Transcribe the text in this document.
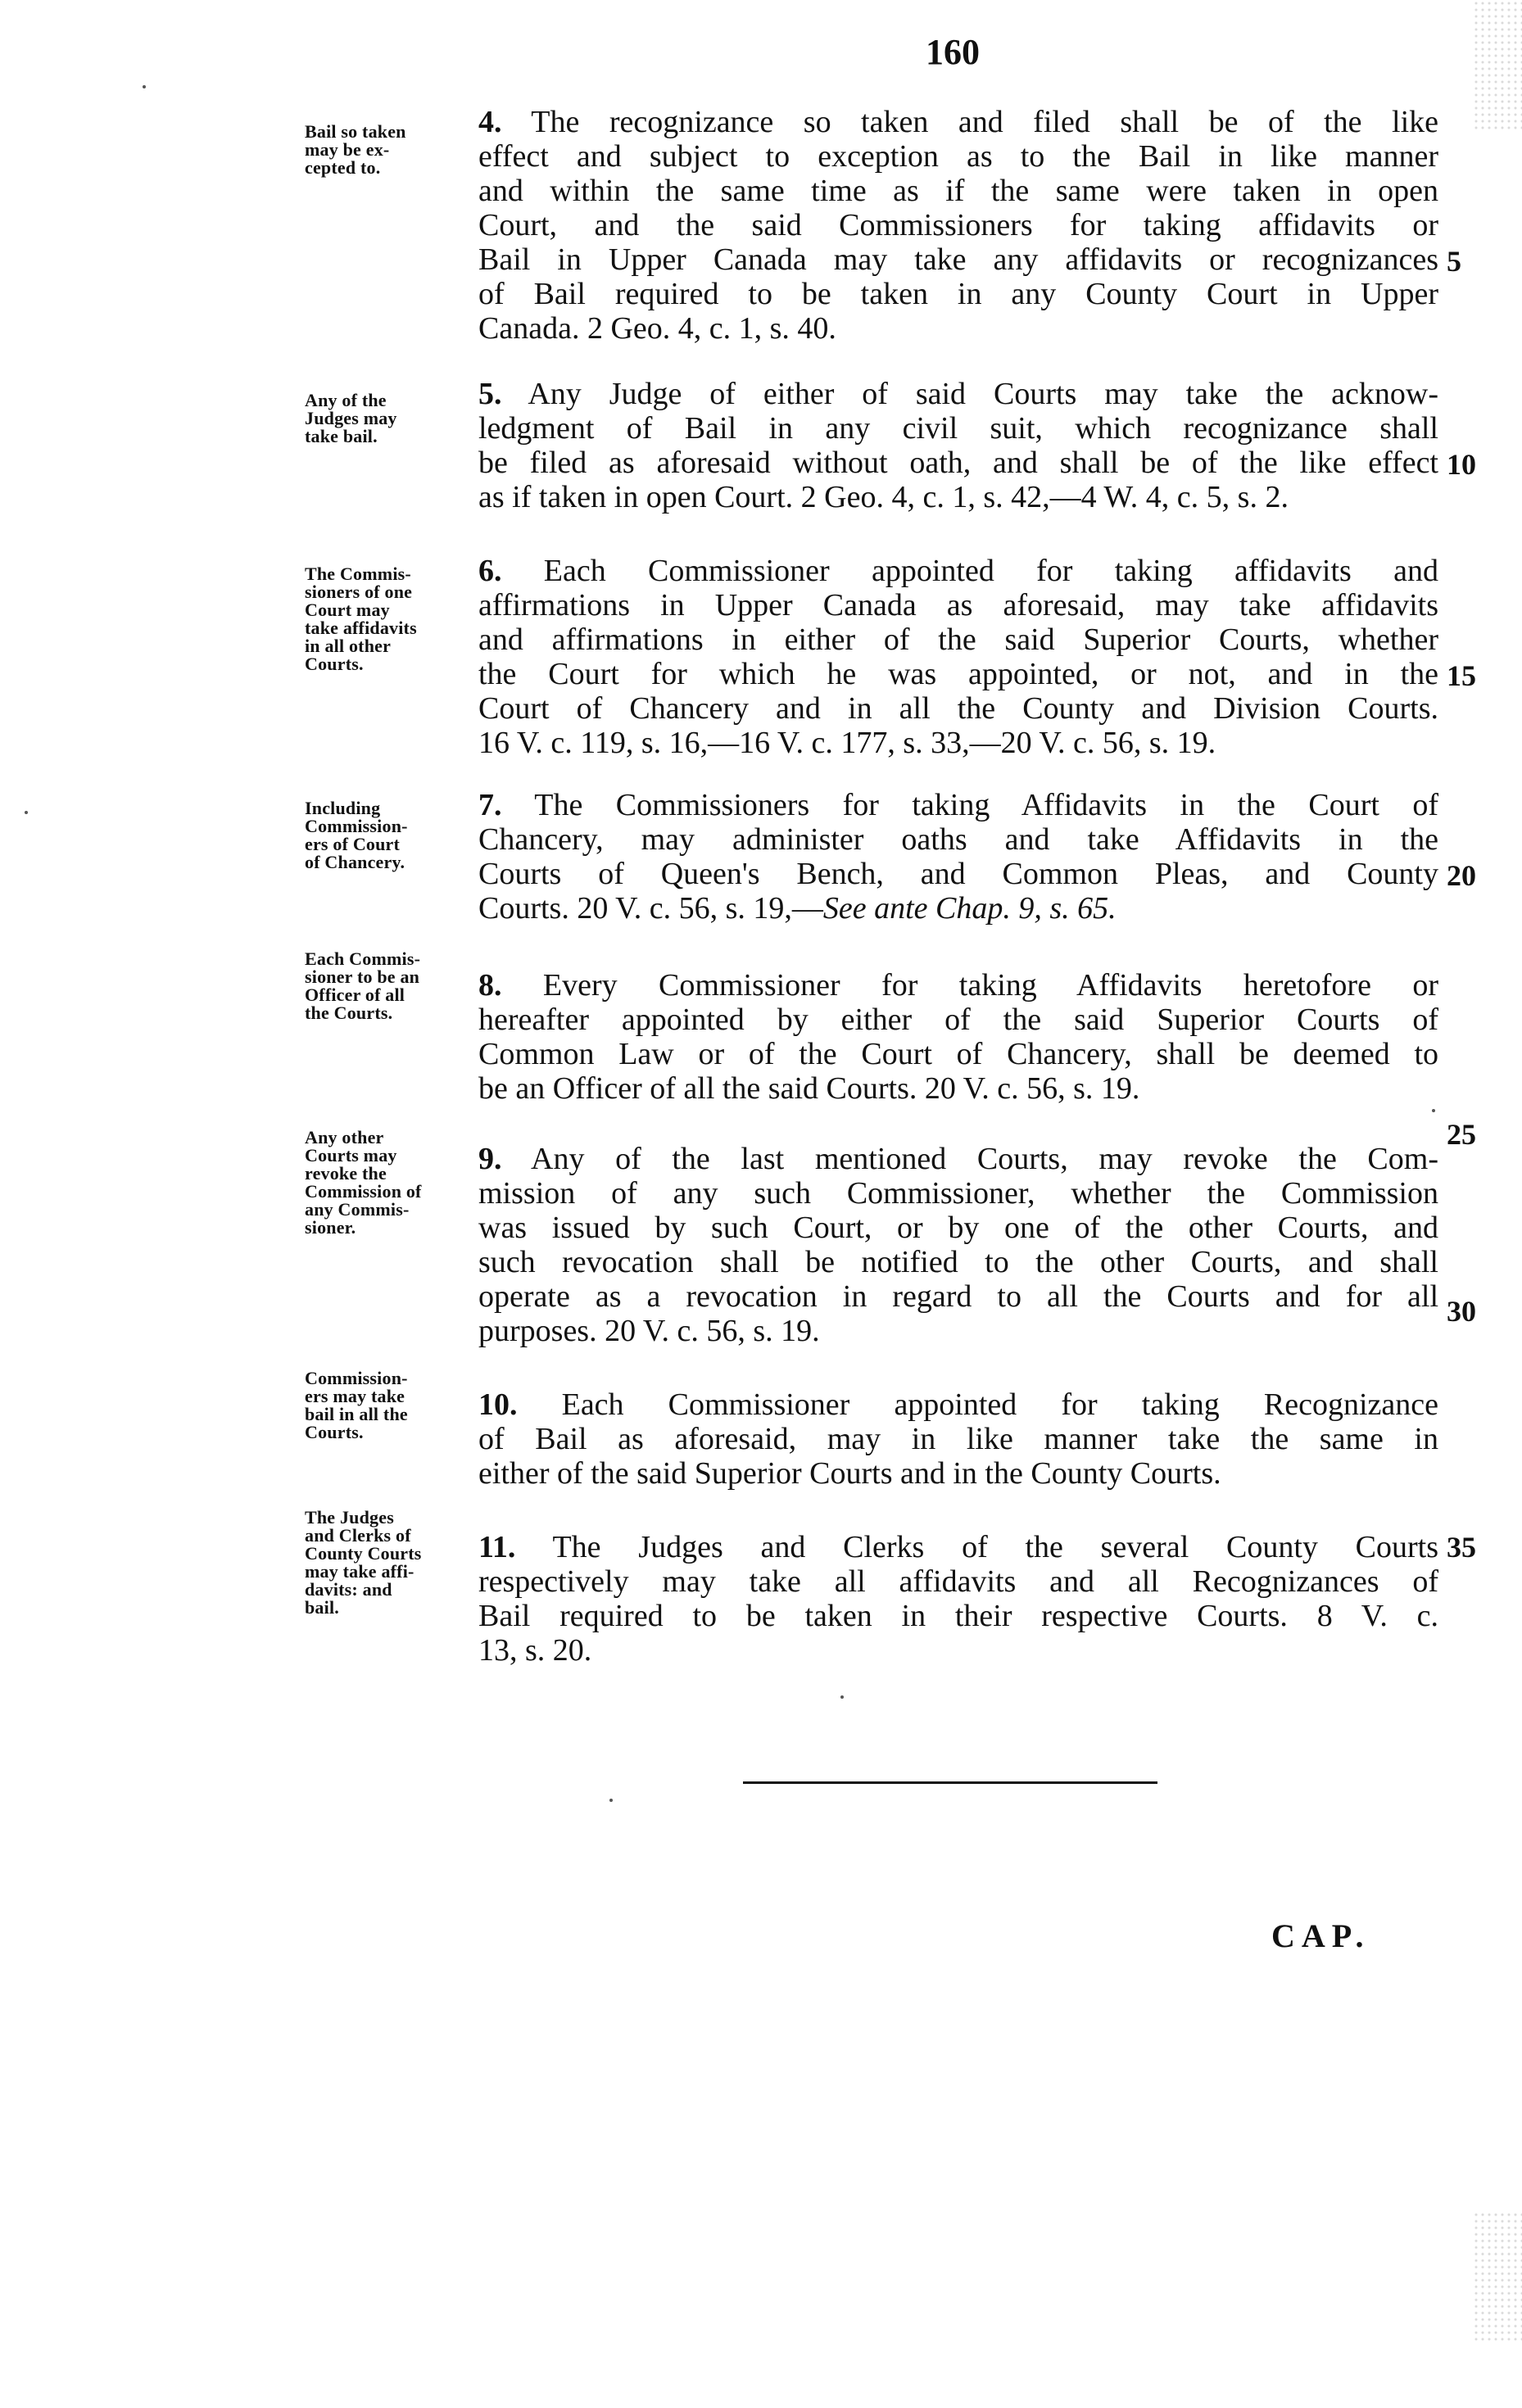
160
Bail so taken
may be ex-
cepted to.
4. The recognizance so taken and filed shall be of the like
effect and subject to exception as to the Bail in like manner
and within the same time as if the same were taken in open
Court, and the said Commissioners for taking affidavits or
Bail in Upper Canada may take any affidavits or recognizances
of Bail required to be taken in any County Court in Upper
Canada. 2 Geo. 4, c. 1, s. 40.
5
Any of the
Judges may
take bail.
5. Any Judge of either of said Courts may take the acknow-
ledgment of Bail in any civil suit, which recognizance shall
be filed as aforesaid without oath, and shall be of the like effect
as if taken in open Court. 2 Geo. 4, c. 1, s. 42,—4 W. 4, c. 5, s. 2.
10
The Commis-
sioners of one
Court may
take affidavits
in all other
Courts.
6. Each Commissioner appointed for taking affidavits and
affirmations in Upper Canada as aforesaid, may take affidavits
and affirmations in either of the said Superior Courts, whether
the Court for which he was appointed, or not, and in the
Court of Chancery and in all the County and Division Courts.
16 V. c. 119, s. 16,—16 V. c. 177, s. 33,—20 V. c. 56, s. 19.
15
Including
Commission-
ers of Court
of Chancery.
7. The Commissioners for taking Affidavits in the Court of
Chancery, may administer oaths and take Affidavits in the
Courts of Queen's Bench, and Common Pleas, and County
Courts. 20 V. c. 56, s. 19,—See ante Chap. 9, s. 65.
20
Each Commis-
sioner to be an
Officer of all
the Courts.
8. Every Commissioner for taking Affidavits heretofore or
hereafter appointed by either of the said Superior Courts of
Common Law or of the Court of Chancery, shall be deemed to
be an Officer of all the said Courts. 20 V. c. 56, s. 19.
25
Any other
Courts may
revoke the
Commission of
any Commis-
sioner.
9. Any of the last mentioned Courts, may revoke the Com-
mission of any such Commissioner, whether the Commission
was issued by such Court, or by one of the other Courts, and
such revocation shall be notified to the other Courts, and shall
operate as a revocation in regard to all the Courts and for all
purposes. 20 V. c. 56, s. 19.
30
Commission-
ers may take
bail in all the
Courts.
10. Each Commissioner appointed for taking Recognizance
of Bail as aforesaid, may in like manner take the same in
either of the said Superior Courts and in the County Courts.
The Judges
and Clerks of
County Courts
may take affi-
davits: and
bail.
11. The Judges and Clerks of the several County Courts
respectively may take all affidavits and all Recognizances of
Bail required to be taken in their respective Courts. 8 V. c.
13, s. 20.
35
CAP.
